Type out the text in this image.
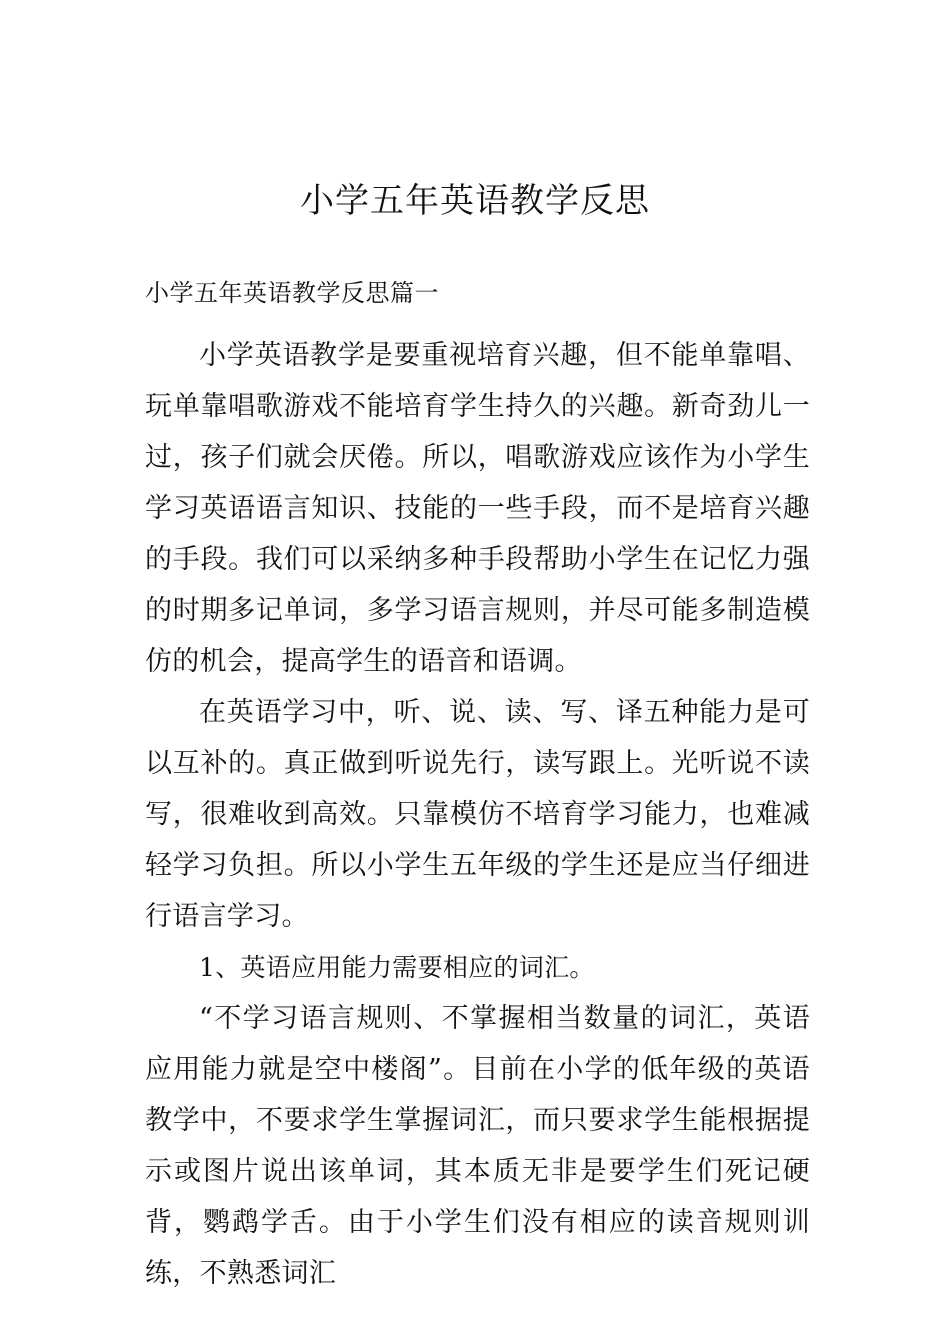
小学五年英语教学反思

小学五年英语教学反思篇一

小学英语教学是要重视培育兴趣，但不能单靠唱、玩单靠唱歌游戏不能培育学生持久的兴趣。新奇劲儿一过，孩子们就会厌倦。所以，唱歌游戏应该作为小学生学习英语语言知识、技能的一些手段，而不是培育兴趣的手段。我们可以采纳多种手段帮助小学生在记忆力强的时期多记单词，多学习语言规则，并尽可能多制造模仿的机会，提高学生的语音和语调。

在英语学习中，听、说、读、写、译五种能力是可以互补的。真正做到听说先行，读写跟上。光听说不读写，很难收到高效。只靠模仿不培育学习能力，也难减轻学习负担。所以小学生五年级的学生还是应当仔细进行语言学习。

1、英语应用能力需要相应的词汇。

“不学习语言规则、不掌握相当数量的词汇，英语应用能力就是空中楼阁”。目前在小学的低年级的英语教学中，不要求学生掌握词汇，而只要求学生能根据提示或图片说出该单词，其本质无非是要学生们死记硬背，鹦鹉学舌。由于小学生们没有相应的读音规则训练，不熟悉词汇
